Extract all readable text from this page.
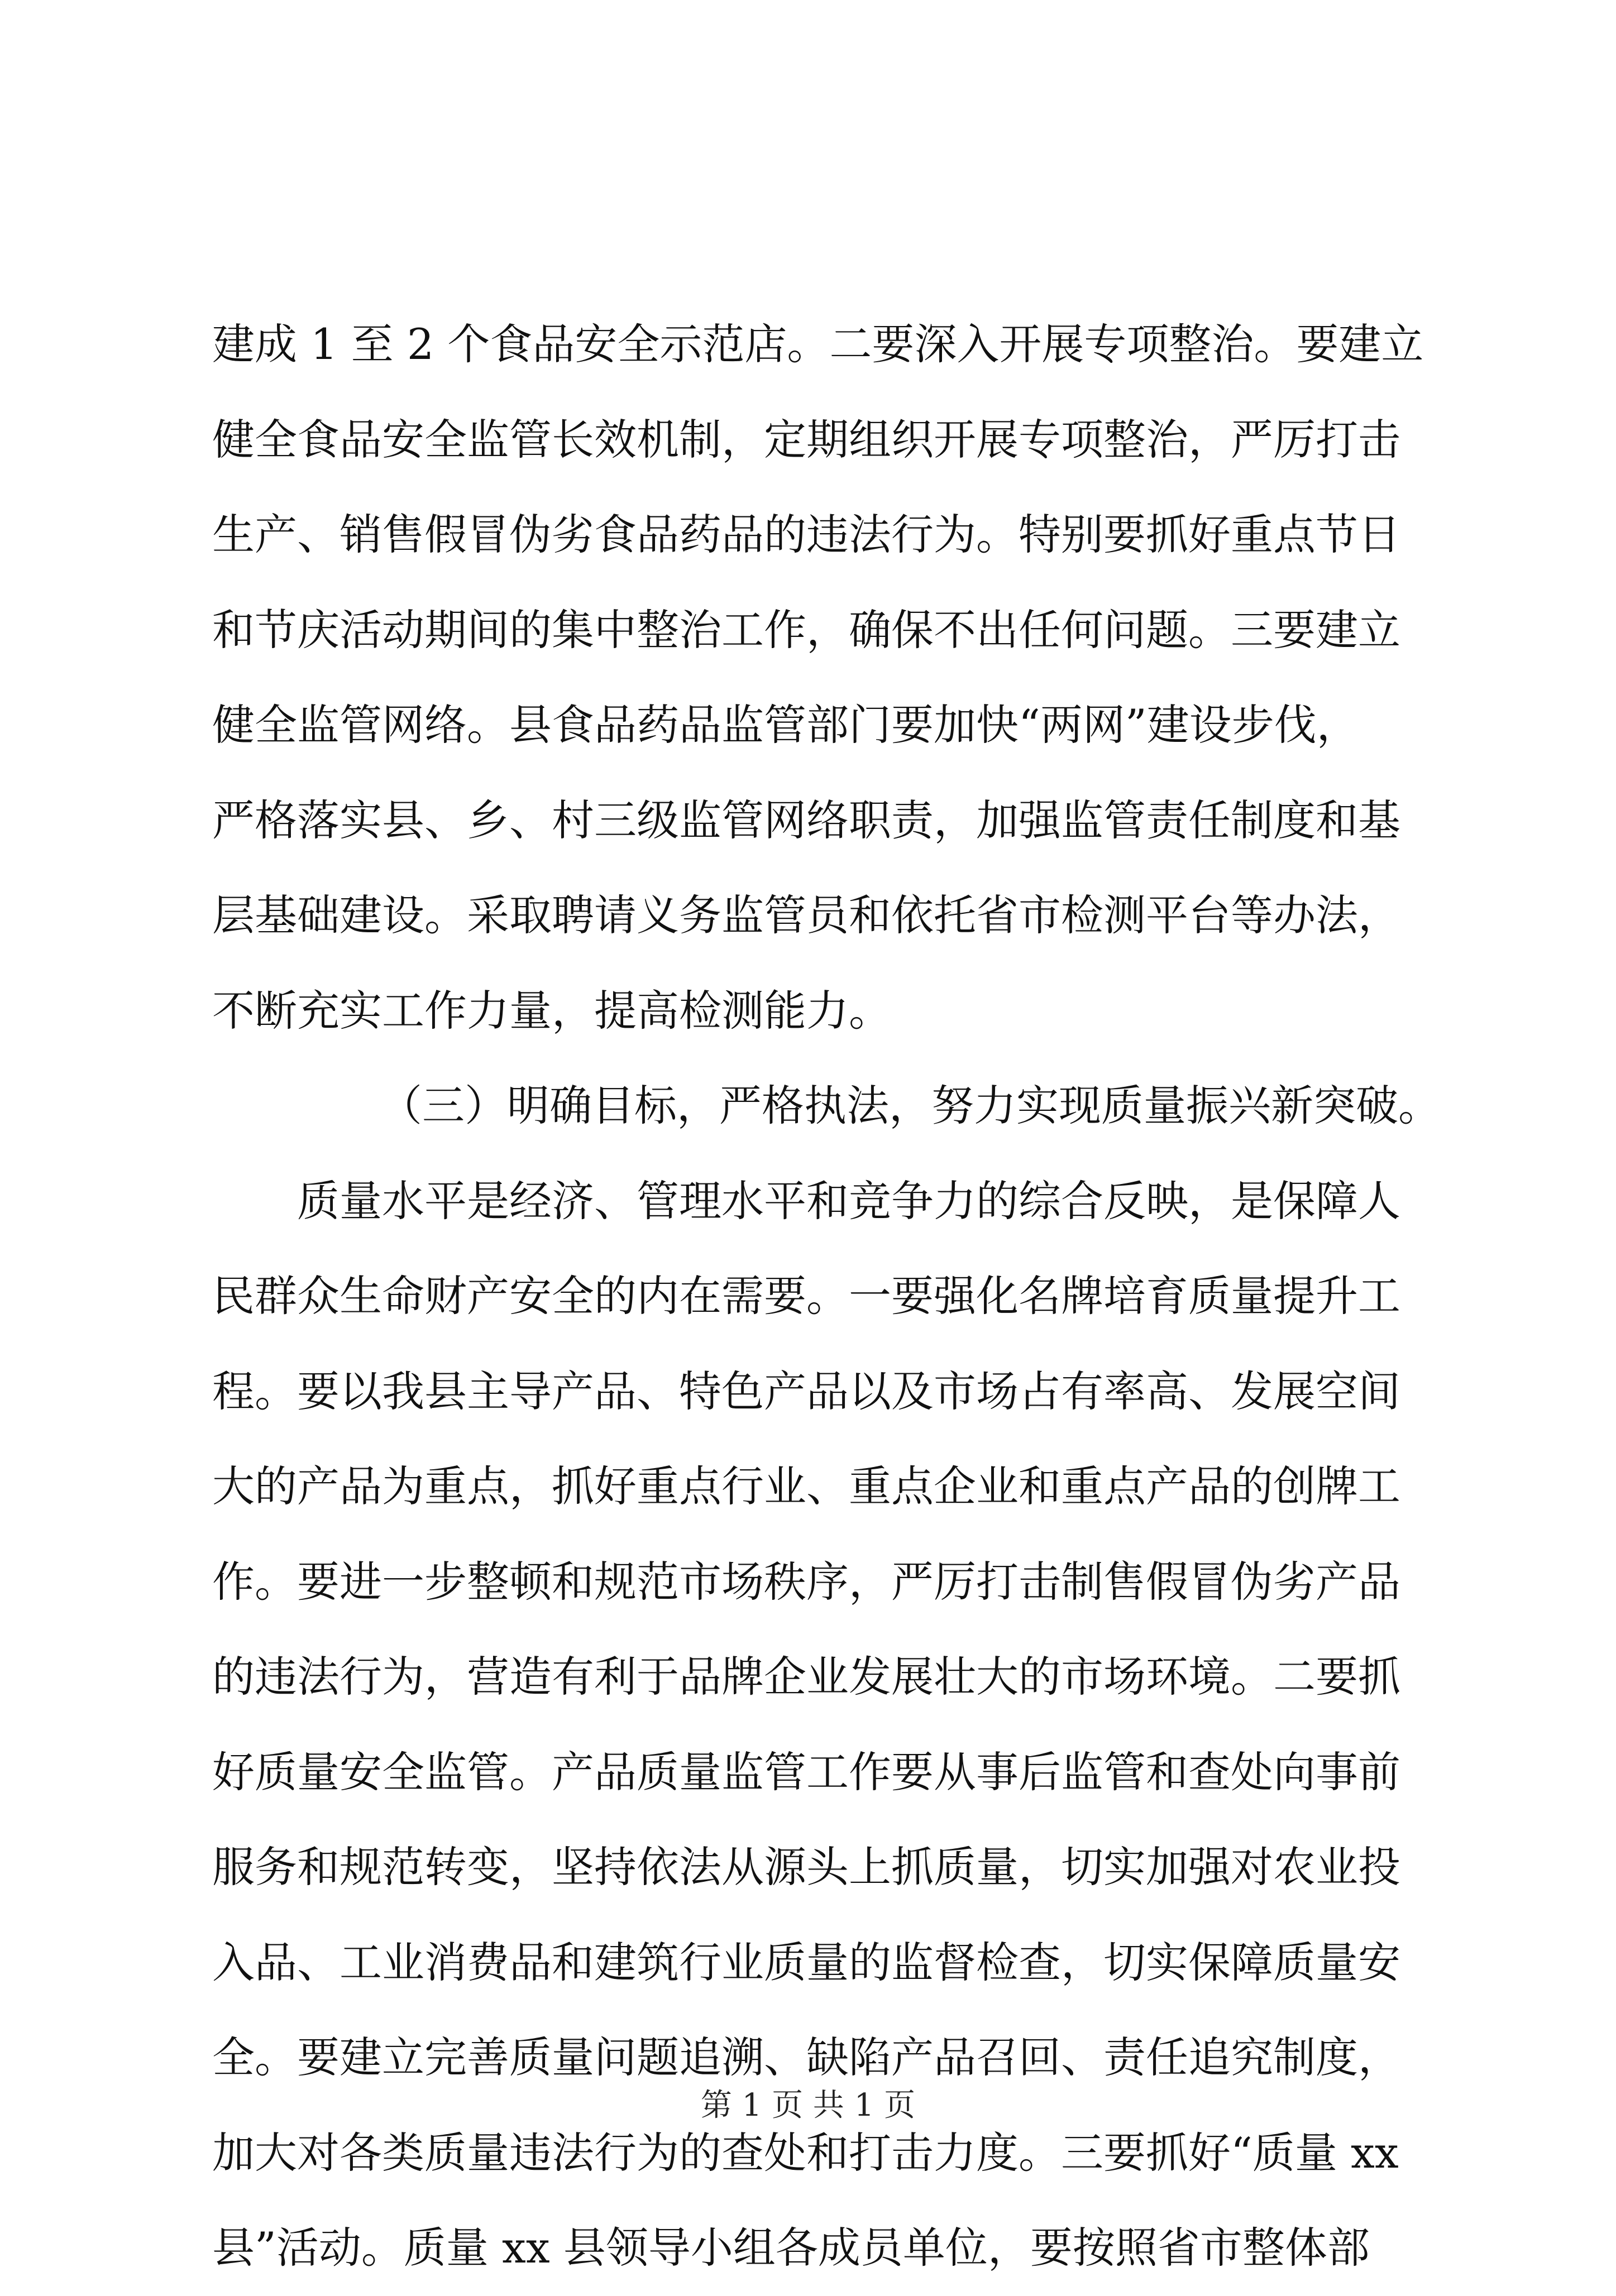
建成 1 至 2 个食品安全示范店。二要深入开展专项整治。要建立
健全食品安全监管长效机制，定期组织开展专项整治，严厉打击
生产、销售假冒伪劣食品药品的违法行为。特别要抓好重点节日
和节庆活动期间的集中整治工作，确保不出任何问题。三要建立
健全监管网络。县食品药品监管部门要加快“两网”建设步伐，
严格落实县、乡、村三级监管网络职责，加强监管责任制度和基
层基础建设。采取聘请义务监管员和依托省市检测平台等办法，
不断充实工作力量，提高检测能力。
（三）明确目标，严格执法，努力实现质量振兴新突破。
质量水平是经济、管理水平和竞争力的综合反映，是保障人
民群众生命财产安全的内在需要。一要强化名牌培育质量提升工
程。要以我县主导产品、特色产品以及市场占有率高、发展空间
大的产品为重点，抓好重点行业、重点企业和重点产品的创牌工
作。要进一步整顿和规范市场秩序，严厉打击制售假冒伪劣产品
的违法行为，营造有利于品牌企业发展壮大的市场环境。二要抓
好质量安全监管。产品质量监管工作要从事后监管和查处向事前
服务和规范转变，坚持依法从源头上抓质量，切实加强对农业投
入品、工业消费品和建筑行业质量的监督检查，切实保障质量安
全。要建立完善质量问题追溯、缺陷产品召回、责任追究制度，
加大对各类质量违法行为的查处和打击力度。三要抓好“质量 xx
县”活动。质量 xx 县领导小组各成员单位，要按照省市整体部
第 1 页 共 1 页
